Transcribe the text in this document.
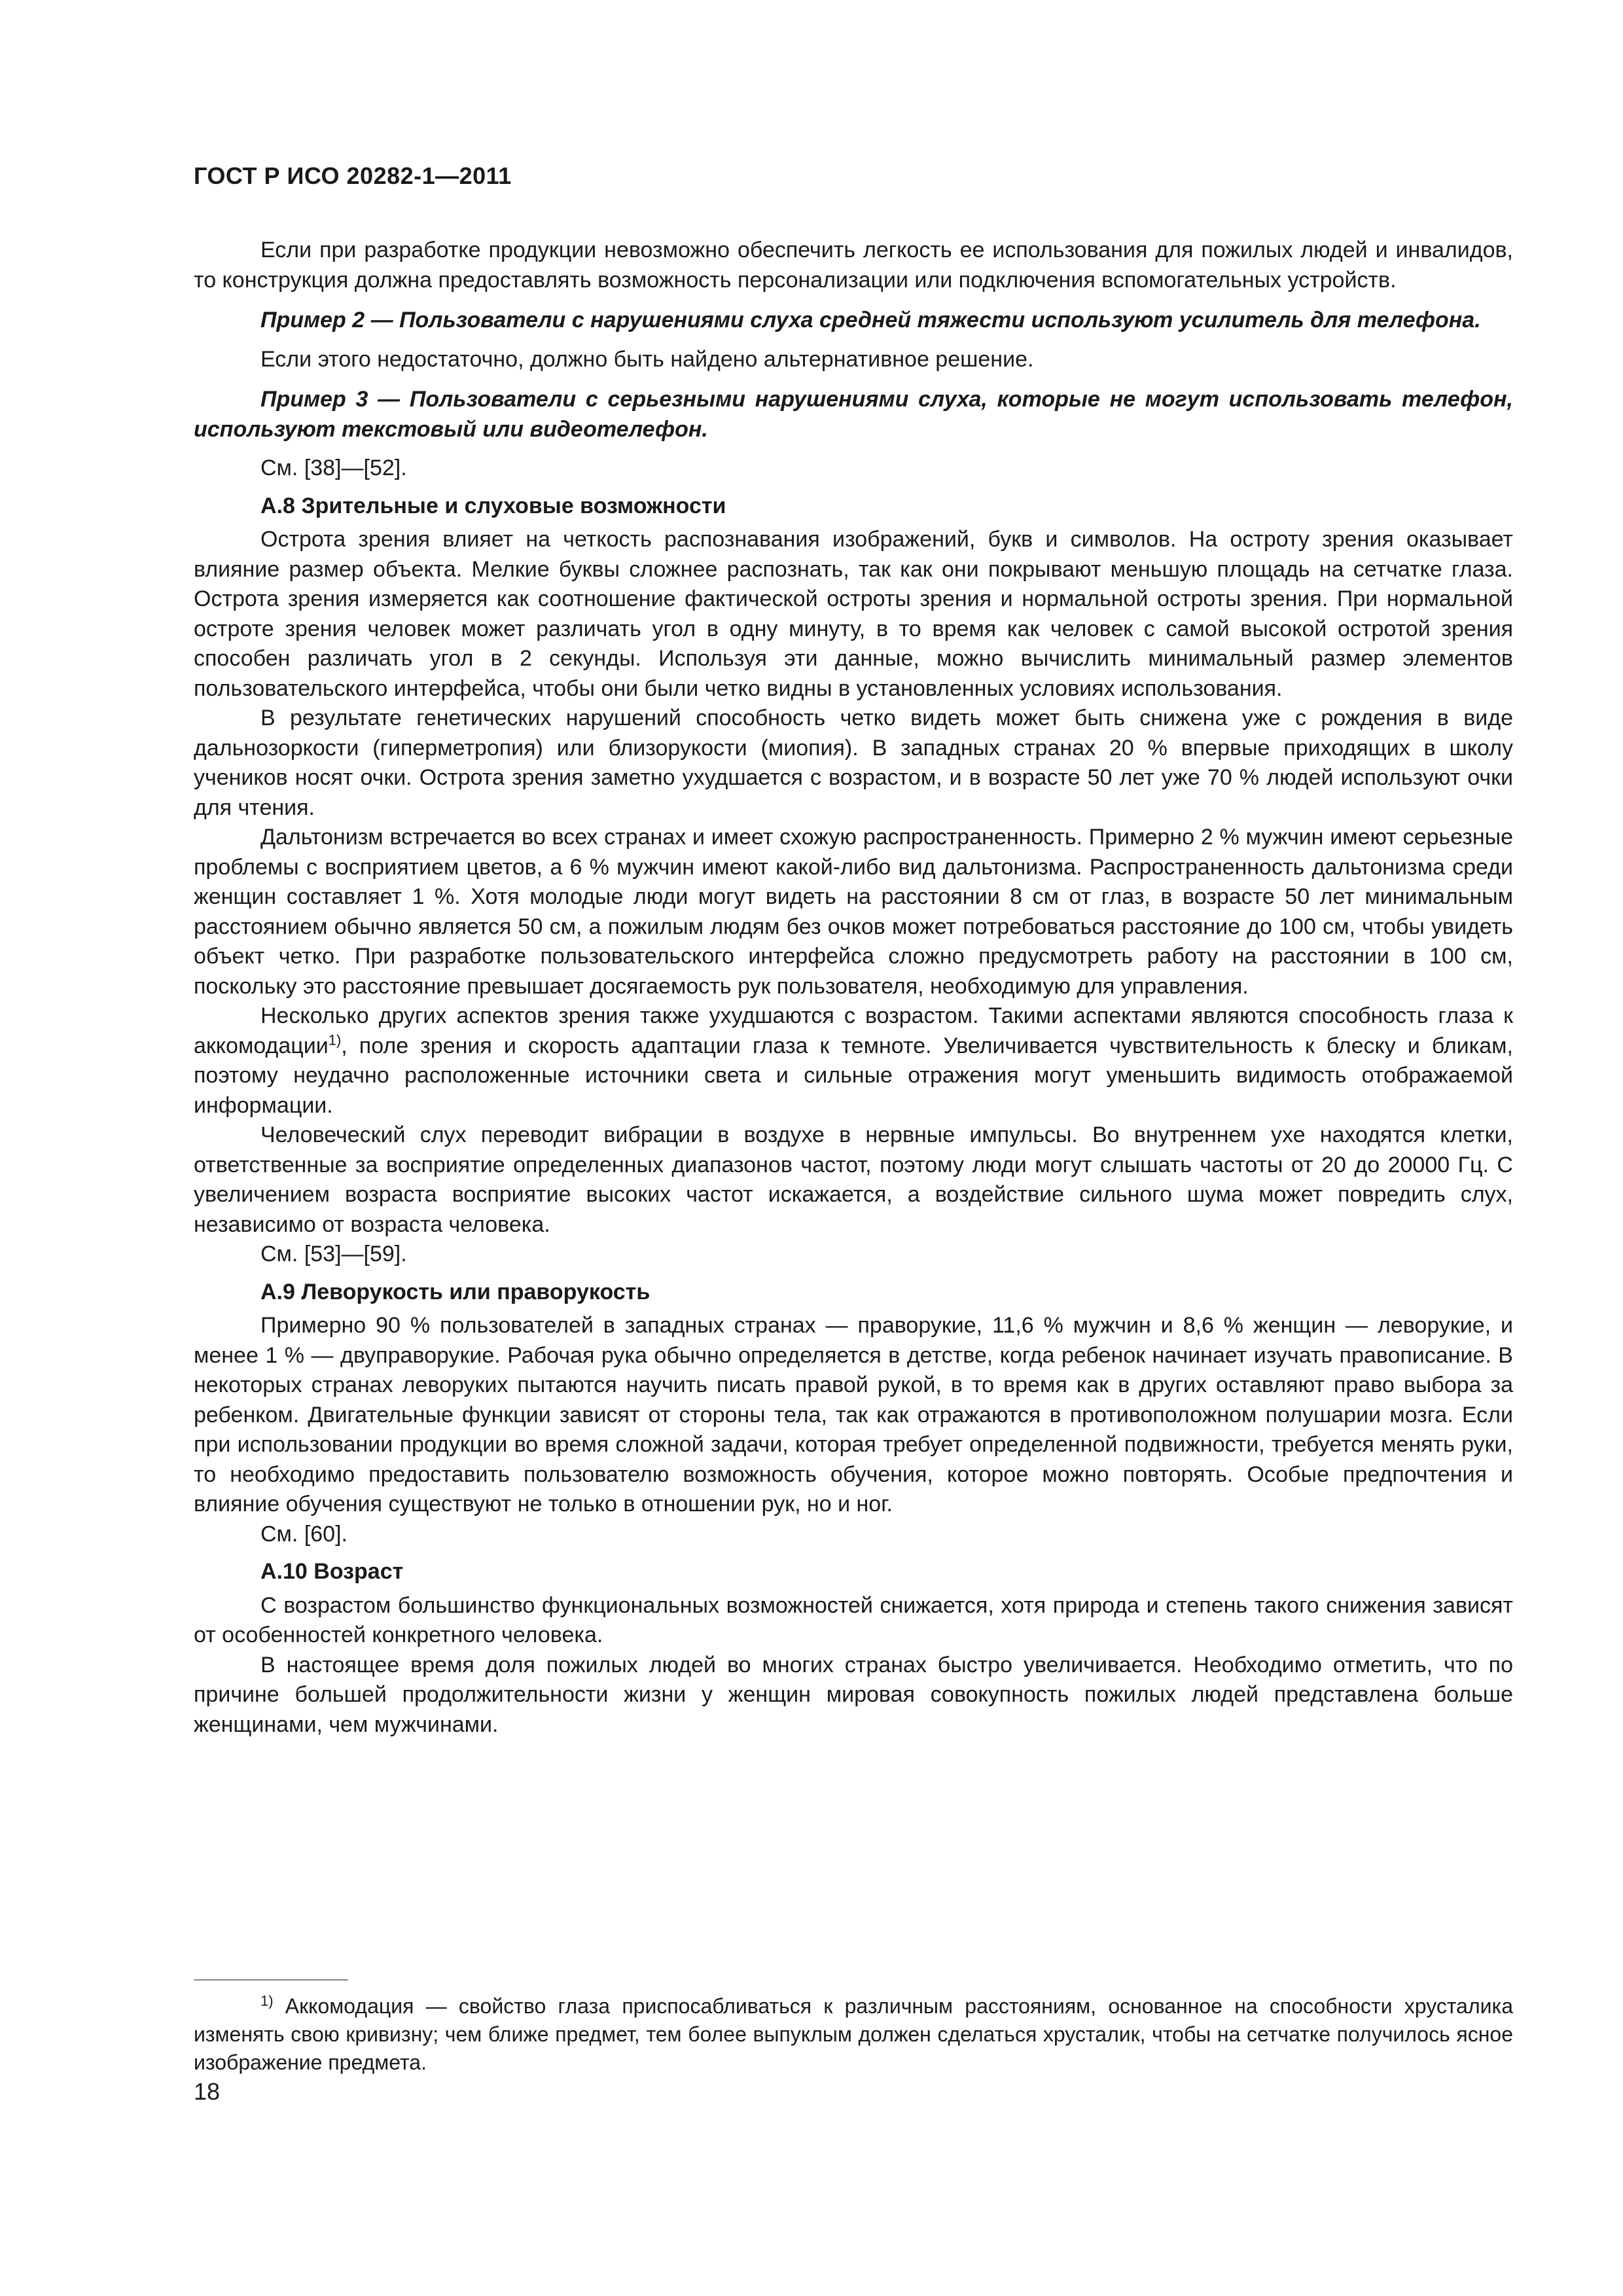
ГОСТ Р ИСО 20282-1—2011

Если при разработке продукции невозможно обеспечить легкость ее использования для пожилых людей и инвалидов, то конструкция должна предоставлять возможность персонализации или подключения вспомогательных устройств.

Пример 2 — Пользователи с нарушениями слуха средней тяжести используют усилитель для телефона.

Если этого недостаточно, должно быть найдено альтернативное решение.

Пример 3 — Пользователи с серьезными нарушениями слуха, которые не могут использовать телефон, используют текстовый или видеотелефон.

См. [38]—[52].

А.8 Зрительные и слуховые возможности

Острота зрения влияет на четкость распознавания изображений, букв и символов. На остроту зрения оказывает влияние размер объекта. Мелкие буквы сложнее распознать, так как они покрывают меньшую площадь на сетчатке глаза. Острота зрения измеряется как соотношение фактической остроты зрения и нормальной остроты зрения. При нормальной остроте зрения человек может различать угол в одну минуту, в то время как человек с самой высокой остротой зрения способен различать угол в 2 секунды. Используя эти данные, можно вычислить минимальный размер элементов пользовательского интерфейса, чтобы они были четко видны в установленных условиях использования.

В результате генетических нарушений способность четко видеть может быть снижена уже с рождения в виде дальнозоркости (гиперметропия) или близорукости (миопия). В западных странах 20 % впервые приходящих в школу учеников носят очки. Острота зрения заметно ухудшается с возрастом, и в возрасте 50 лет уже 70 % людей используют очки для чтения.

Дальтонизм встречается во всех странах и имеет схожую распространенность. Примерно 2 % мужчин имеют серьезные проблемы с восприятием цветов, а 6 % мужчин имеют какой-либо вид дальтонизма. Распространенность дальтонизма среди женщин составляет 1 %. Хотя молодые люди могут видеть на расстоянии 8 см от глаз, в возрасте 50 лет минимальным расстоянием обычно является 50 см, а пожилым людям без очков может потребоваться расстояние до 100 см, чтобы увидеть объект четко. При разработке пользовательского интерфейса сложно предусмотреть работу на расстоянии в 100 см, поскольку это расстояние превышает досягаемость рук пользователя, необходимую для управления.

Несколько других аспектов зрения также ухудшаются с возрастом. Такими аспектами являются способность глаза к аккомодации$^{1)}$, поле зрения и скорость адаптации глаза к темноте. Увеличивается чувствительность к блеску и бликам, поэтому неудачно расположенные источники света и сильные отражения могут уменьшить видимость отображаемой информации.

Человеческий слух переводит вибрации в воздухе в нервные импульсы. Во внутреннем ухе находятся клетки, ответственные за восприятие определенных диапазонов частот, поэтому люди могут слышать частоты от 20 до 20000 Гц. С увеличением возраста восприятие высоких частот искажается, а воздействие сильного шума может повредить слух, независимо от возраста человека.

См. [53]—[59].

А.9 Леворукость или праворукость

Примерно 90 % пользователей в западных странах — праворукие, 11,6 % мужчин и 8,6 % женщин — леворукие, и менее 1 % — двуправорукие. Рабочая рука обычно определяется в детстве, когда ребенок начинает изучать правописание. В некоторых странах леворуких пытаются научить писать правой рукой, в то время как в других оставляют право выбора за ребенком. Двигательные функции зависят от стороны тела, так как отражаются в противоположном полушарии мозга. Если при использовании продукции во время сложной задачи, которая требует определенной подвижности, требуется менять руки, то необходимо предоставить пользователю возможность обучения, которое можно повторять. Особые предпочтения и влияние обучения существуют не только в отношении рук, но и ног.

См. [60].

А.10 Возраст

С возрастом большинство функциональных возможностей снижается, хотя природа и степень такого снижения зависят от особенностей конкретного человека.

В настоящее время доля пожилых людей во многих странах быстро увеличивается. Необходимо отметить, что по причине большей продолжительности жизни у женщин мировая совокупность пожилых людей представлена больше женщинами, чем мужчинами.

$^{1)}$ Аккомодация — свойство глаза приспосабливаться к различным расстояниям, основанное на способности хрусталика изменять свою кривизну; чем ближе предмет, тем более выпуклым должен сделаться хрусталик, чтобы на сетчатке получилось ясное изображение предмета.

18
